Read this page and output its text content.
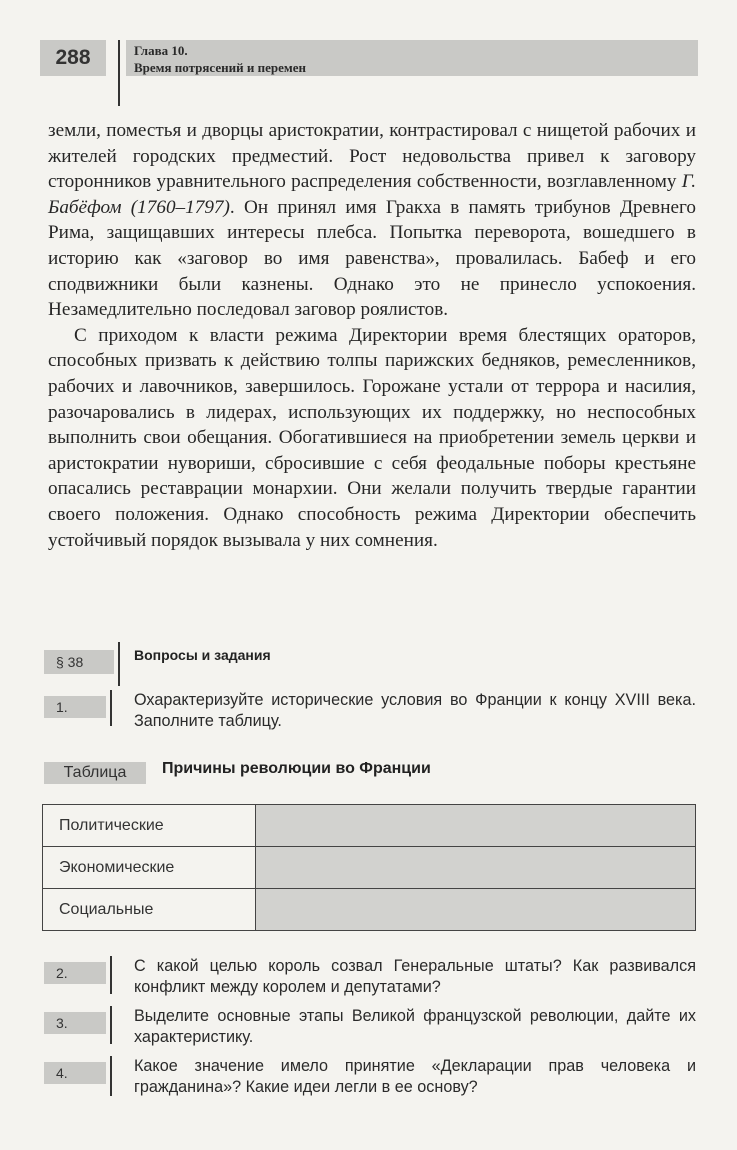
288	Глава 10.
Время потрясений и перемен

земли, поместья и дворцы аристократии, контрастировал с нищетой рабочих и жителей городских предместий. Рост недовольства привел к заговору сторонников уравнительного распределения собственности, возглавленному Г. Бабёфом (1760–1797). Он принял имя Гракха в память трибунов Древнего Рима, защищавших интересы плебса. Попытка переворота, вошедшего в историю как «заговор во имя равенства», провалилась. Бабеф и его сподвижники были казнены. Однако это не принесло успокоения. Незамедлительно последовал заговор роялистов.

С приходом к власти режима Директории время блестящих ораторов, способных призвать к действию толпы парижских бедняков, ремесленников, рабочих и лавочников, завершилось. Горожане устали от террора и насилия, разочаровались в лидерах, использующих их поддержку, но неспособных выполнить свои обещания. Обогатившиеся на приобретении земель церкви и аристократии нувориши, сбросившие с себя феодальные поборы крестьяне опасались реставрации монархии. Они желали получить твердые гарантии своего положения. Однако способность режима Директории обеспечить устойчивый порядок вызывала у них сомнения.

§ 38	Вопросы и задания
1.	Охарактеризуйте исторические условия во Франции к концу XVIII века. Заполните таблицу.
Таблица	Причины революции во Франции
Политические	
Экономические	
Социальные	
2.	С какой целью король созвал Генеральные штаты? Как развивался конфликт между королем и депутатами?
3.	Выделите основные этапы Великой французской революции, дайте их характеристику.
4.	Какое значение имело принятие «Декларации прав человека и гражданина»? Какие идеи легли в ее основу?
